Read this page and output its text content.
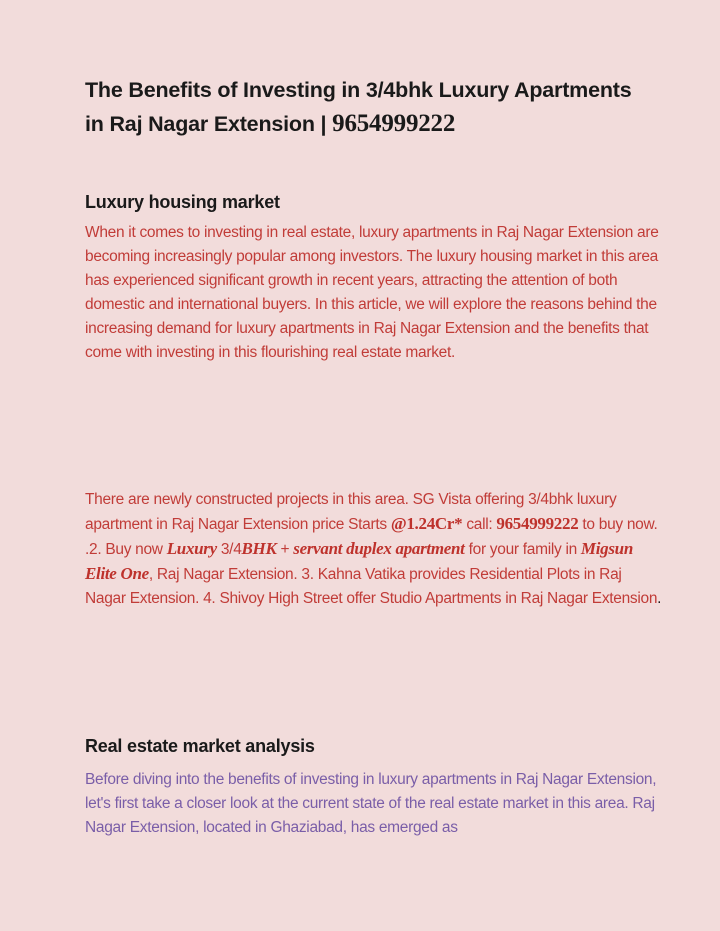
The Benefits of Investing in 3/4bhk Luxury Apartments
in Raj Nagar Extension | 9654999222
Luxury housing market
When it comes to investing in real estate, luxury apartments in Raj Nagar Extension are becoming increasingly popular among investors. The luxury housing market in this area has experienced significant growth in recent years, attracting the attention of both domestic and international buyers. In this article, we will explore the reasons behind the increasing demand for luxury apartments in Raj Nagar Extension and the benefits that come with investing in this flourishing real estate market.
There are newly constructed projects in this area. SG Vista offering 3/4bhk luxury apartment in Raj Nagar Extension price Starts @1.24Cr* call: 9654999222 to buy now. .2. Buy now Luxury 3/4BHK + servant duplex apartment for your family in Migsun Elite One, Raj Nagar Extension. 3. Kahna Vatika provides Residential Plots in Raj Nagar Extension. 4. Shivoy High Street offer Studio Apartments in Raj Nagar Extension.
Real estate market analysis
Before diving into the benefits of investing in luxury apartments in Raj Nagar Extension, let's first take a closer look at the current state of the real estate market in this area. Raj Nagar Extension, located in Ghaziabad, has emerged as
